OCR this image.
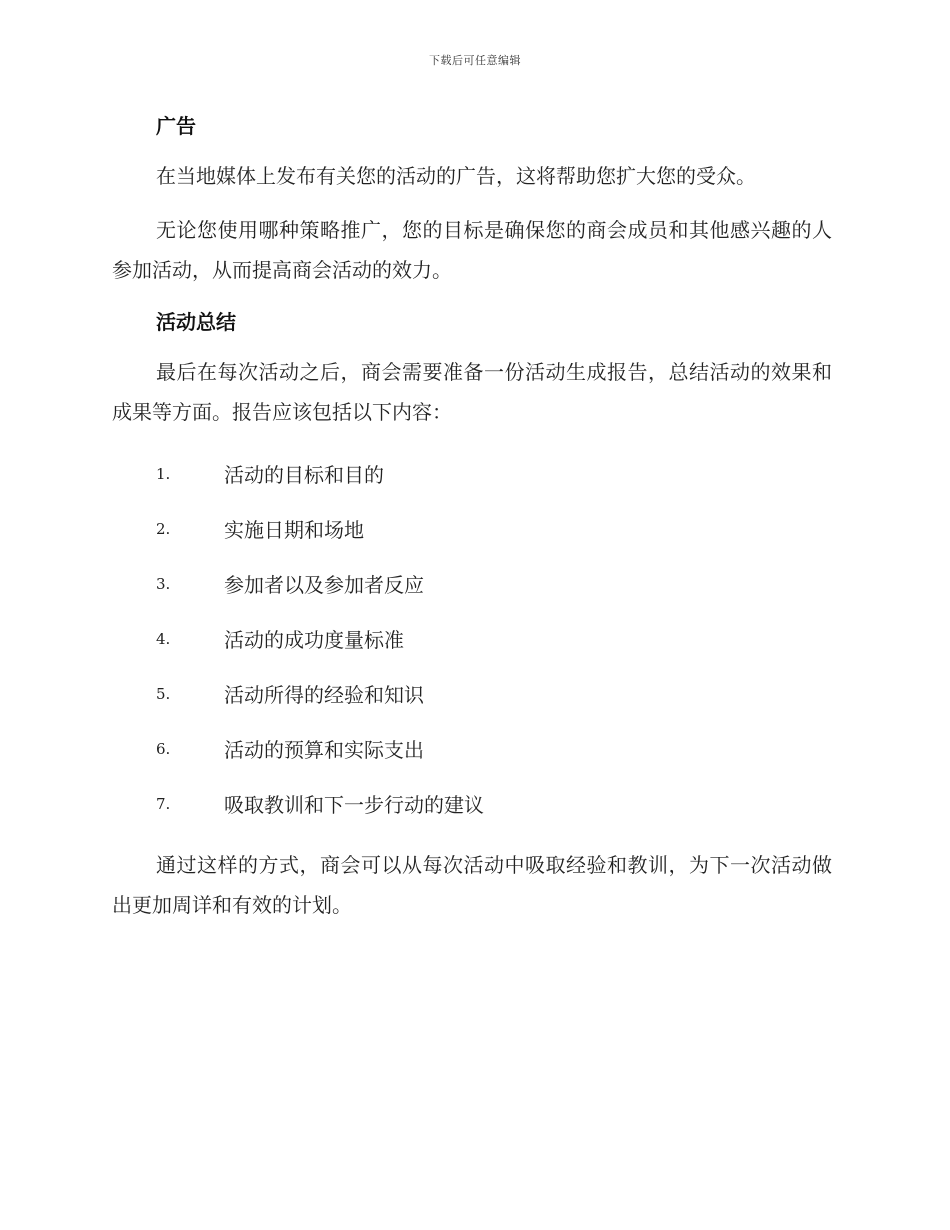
下载后可任意编辑
广告

在当地媒体上发布有关您的活动的广告，这将帮助您扩大您的受众。

无论您使用哪种策略推广，您的目标是确保您的商会成员和其他感兴趣的人参加活动，从而提高商会活动的效力。

活动总结

最后在每次活动之后，商会需要准备一份活动生成报告，总结活动的效果和成果等方面。报告应该包括以下内容：

1.	活动的目标和目的
2.	实施日期和场地
3.	参加者以及参加者反应
4.	活动的成功度量标准
5.	活动所得的经验和知识
6.	活动的预算和实际支出
7.	吸取教训和下一步行动的建议

通过这样的方式，商会可以从每次活动中吸取经验和教训，为下一次活动做出更加周详和有效的计划。
